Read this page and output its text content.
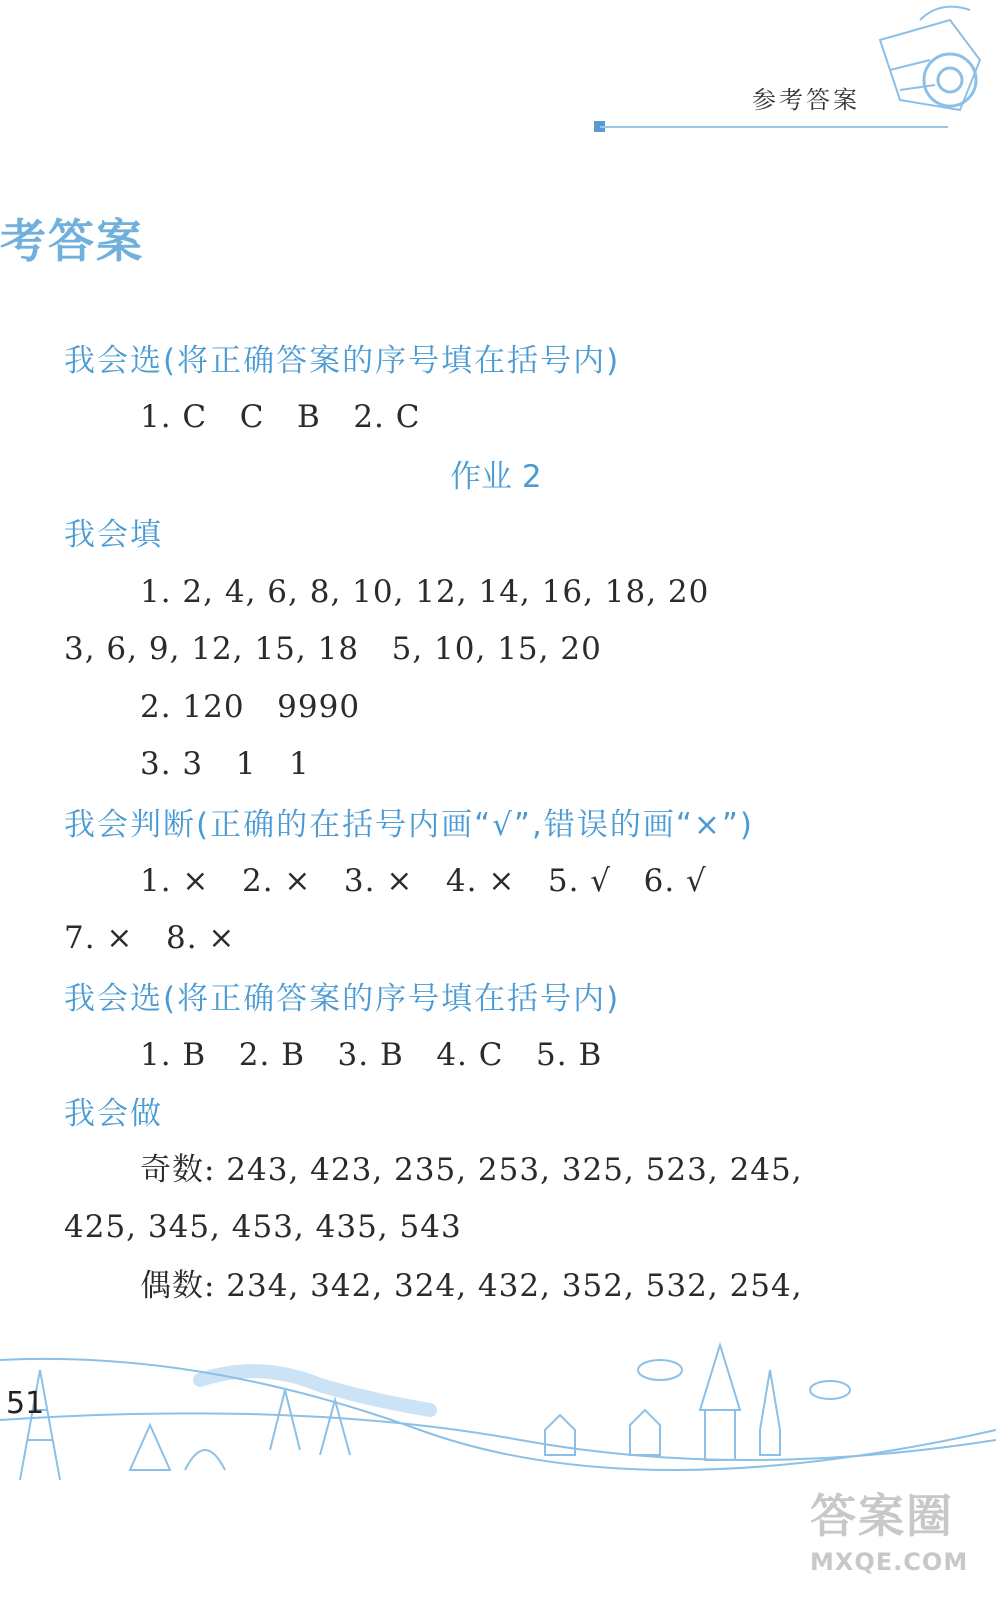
参考答案
考答案
我会选(将正确答案的序号填在括号内)
1. C   C   B   2. C
作业 2
我会填
1. 2, 4, 6, 8, 10, 12, 14, 16, 18, 20
3, 6, 9, 12, 15, 18   5, 10, 15, 20
2. 120   9990
3. 3   1   1
我会判断(正确的在括号内画“√”,错误的画“×”)
1. ×   2. ×   3. ×   4. ×   5. √   6. √
7. ×   8. ×
我会选(将正确答案的序号填在括号内)
1. B   2. B   3. B   4. C   5. B
我会做
奇数: 243, 423, 235, 253, 325, 523, 245,
425, 345, 453, 435, 543
偶数: 234, 342, 324, 432, 352, 532, 254,
51
答案圈
MXQE.COM
